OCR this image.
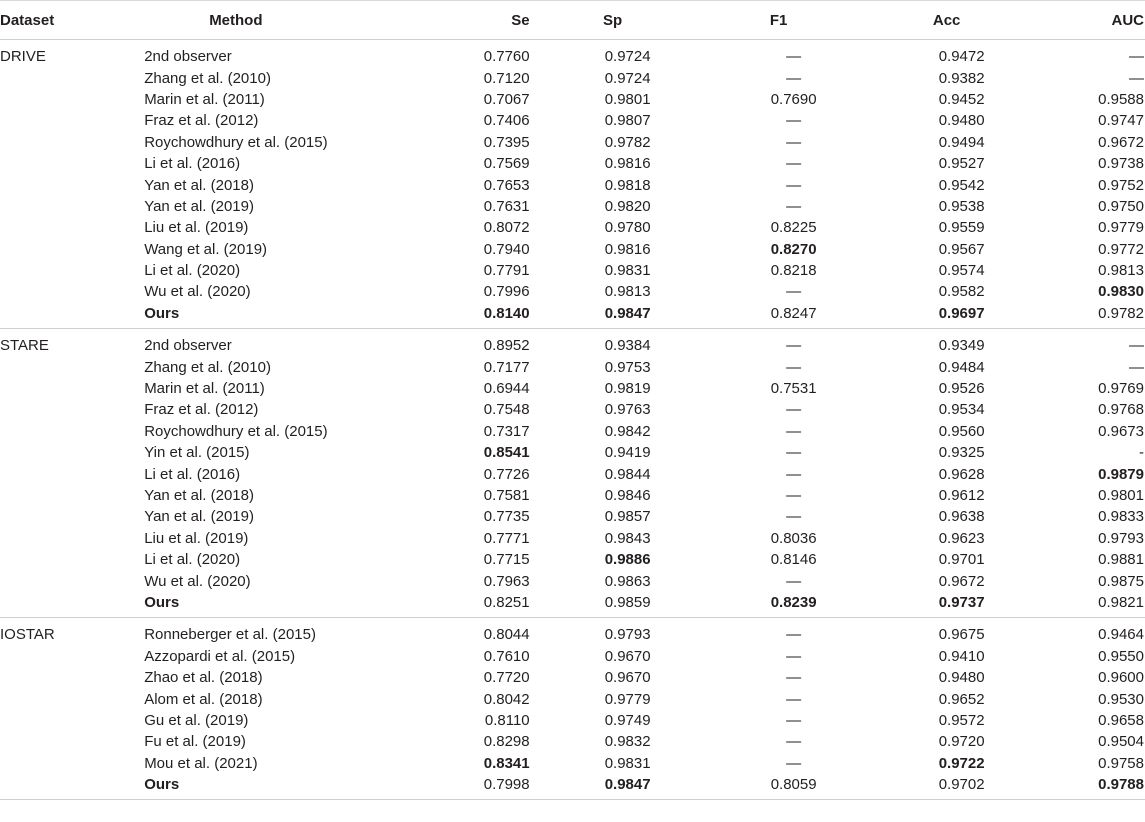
Dataset	Method	Se	Sp	F1	Acc	AUC
DRIVE	2nd observer	0.7760	0.9724	—	0.9472	—
	Zhang et al. (2010)	0.7120	0.9724	—	0.9382	—
	Marin et al. (2011)	0.7067	0.9801	0.7690	0.9452	0.9588
	Fraz et al. (2012)	0.7406	0.9807	—	0.9480	0.9747
	Roychowdhury et al. (2015)	0.7395	0.9782	—	0.9494	0.9672
	Li et al. (2016)	0.7569	0.9816	—	0.9527	0.9738
	Yan et al. (2018)	0.7653	0.9818	—	0.9542	0.9752
	Yan et al. (2019)	0.7631	0.9820	—	0.9538	0.9750
	Liu et al. (2019)	0.8072	0.9780	0.8225	0.9559	0.9779
	Wang et al. (2019)	0.7940	0.9816	0.8270	0.9567	0.9772
	Li et al. (2020)	0.7791	0.9831	0.8218	0.9574	0.9813
	Wu et al. (2020)	0.7996	0.9813	—	0.9582	0.9830
	Ours	0.8140	0.9847	0.8247	0.9697	0.9782
STARE	2nd observer	0.8952	0.9384	—	0.9349	—
	Zhang et al. (2010)	0.7177	0.9753	—	0.9484	—
	Marin et al. (2011)	0.6944	0.9819	0.7531	0.9526	0.9769
	Fraz et al. (2012)	0.7548	0.9763	—	0.9534	0.9768
	Roychowdhury et al. (2015)	0.7317	0.9842	—	0.9560	0.9673
	Yin et al. (2015)	0.8541	0.9419	—	0.9325	-
	Li et al. (2016)	0.7726	0.9844	—	0.9628	0.9879
	Yan et al. (2018)	0.7581	0.9846	—	0.9612	0.9801
	Yan et al. (2019)	0.7735	0.9857	—	0.9638	0.9833
	Liu et al. (2019)	0.7771	0.9843	0.8036	0.9623	0.9793
	Li et al. (2020)	0.7715	0.9886	0.8146	0.9701	0.9881
	Wu et al. (2020)	0.7963	0.9863	—	0.9672	0.9875
	Ours	0.8251	0.9859	0.8239	0.9737	0.9821
IOSTAR	Ronneberger et al. (2015)	0.8044	0.9793	—	0.9675	0.9464
	Azzopardi et al. (2015)	0.7610	0.9670	—	0.9410	0.9550
	Zhao et al. (2018)	0.7720	0.9670	—	0.9480	0.9600
	Alom et al. (2018)	0.8042	0.9779	—	0.9652	0.9530
	Gu et al. (2019)	0.8110	0.9749	—	0.9572	0.9658
	Fu et al. (2019)	0.8298	0.9832	—	0.9720	0.9504
	Mou et al. (2021)	0.8341	0.9831	—	0.9722	0.9758
	Ours	0.7998	0.9847	0.8059	0.9702	0.9788
